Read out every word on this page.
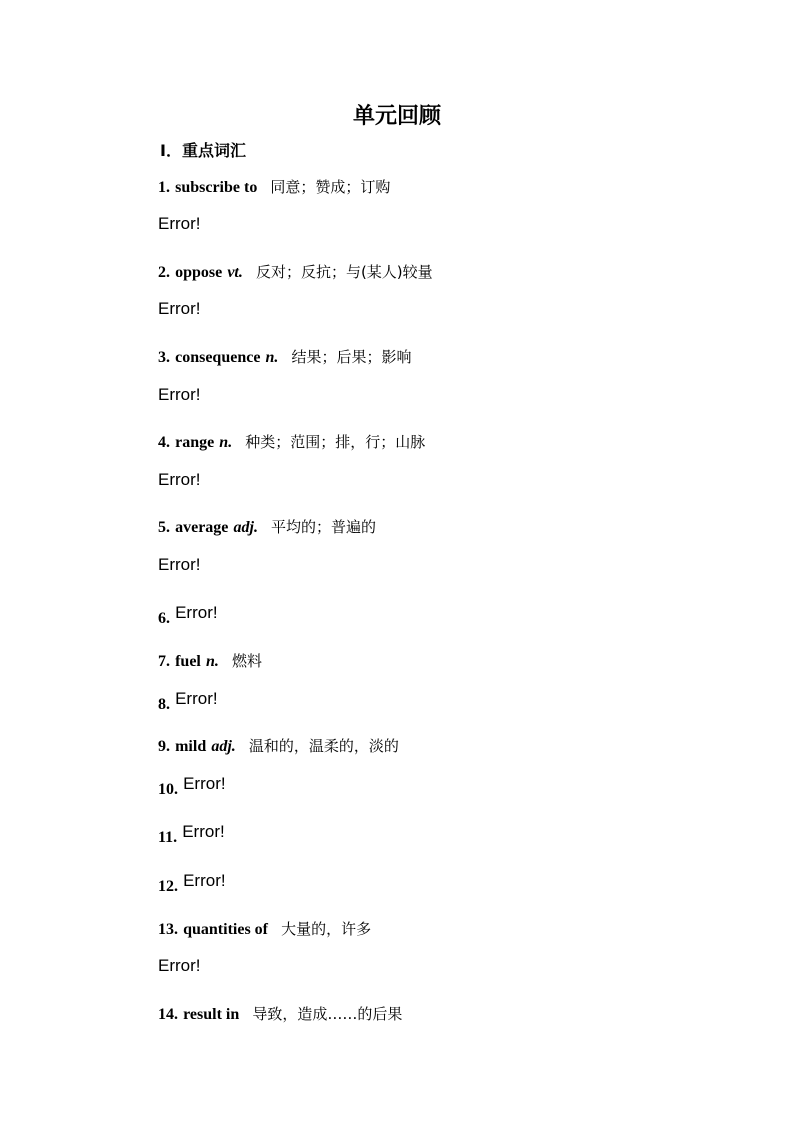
单元回顾
Ⅰ．重点词汇
1. subscribe to 同意；赞成；订购
Error!
2. oppose vt. 反对；反抗；与(某人)较量
Error!
3. consequence n. 结果；后果；影响
Error!
4. range n. 种类；范围；排，行；山脉
Error!
5. average adj. 平均的；普遍的
Error!
6. Error!
7. fuel n. 燃料
8. Error!
9. mild adj. 温和的，温柔的，淡的
10. Error!
11. Error!
12. Error!
13. quantities of 大量的，许多
Error!
14. result in 导致，造成……的后果
